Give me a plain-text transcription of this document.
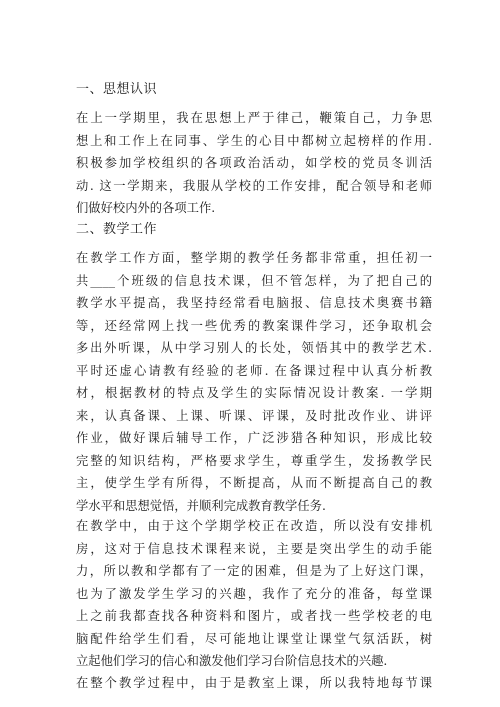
一、思想认识
在上一学期里，我在思想上严于律己，鞭策自己，力争思
想上和工作上在同事、学生的心目中都树立起榜样的作用.
积极参加学校组织的各项政治活动，如学校的党员冬训活
动. 这一学期来，我服从学校的工作安排，配合领导和老师
们做好校内外的各项工作.
二、教学工作
在教学工作方面，整学期的教学任务都非常重，担任初一
共____个班级的信息技术课，但不管怎样，为了把自己的
教学水平提高，我坚持经常看电脑报、信息技术奥赛书籍
等，还经常网上找一些优秀的教案课件学习，还争取机会
多出外听课，从中学习别人的长处，领悟其中的教学艺术.
平时还虚心请教有经验的老师. 在备课过程中认真分析教
材，根据教材的特点及学生的实际情况设计教案. 一学期
来，认真备课、上课、听课、评课，及时批改作业、讲评
作业，做好课后辅导工作，广泛涉猎各种知识，形成比较
完整的知识结构，严格要求学生，尊重学生，发扬教学民
主，使学生学有所得，不断提高，从而不断提高自己的教
学水平和思想觉悟，并顺利完成教育教学任务.
在教学中，由于这个学期学校正在改造，所以没有安排机
房，这对于信息技术课程来说，主要是突出学生的动手能
力，所以教和学都有了一定的困难，但是为了上好这门课，
也为了激发学生学习的兴趣，我作了充分的准备，每堂课
上之前我都查找各种资料和图片，或者找一些学校老的电
脑配件给学生们看，尽可能地让课堂让课堂气氛活跃，树
立起他们学习的信心和激发他们学习台阶信息技术的兴趣.
在整个教学过程中，由于是教室上课，所以我特地每节课
